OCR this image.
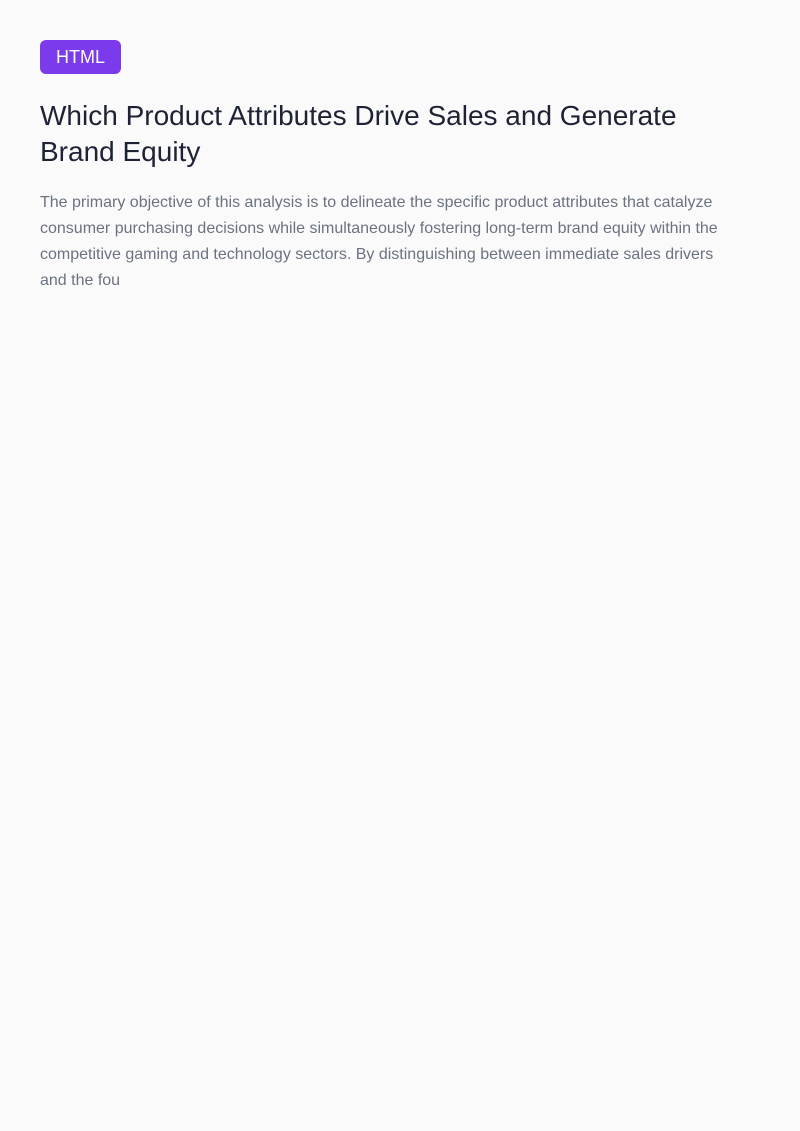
HTML
Which Product Attributes Drive Sales and Generate Brand Equity

The primary objective of this analysis is to delineate the specific product attributes that catalyze consumer purchasing decisions while simultaneously fostering long-term brand equity within the competitive gaming and technology sectors. By distinguishing between immediate sales drivers and the fou
